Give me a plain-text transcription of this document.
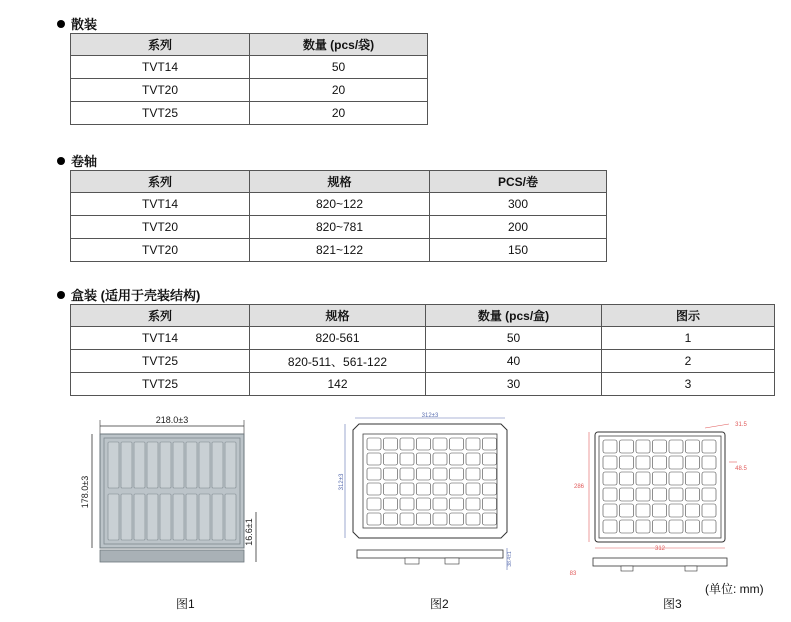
散装
系列	数量 (pcs/袋)
TVT14	50
TVT20	20
TVT25	20
卷轴
系列	规格	PCS/卷
TVT14	820~122	300
TVT20	820~781	200
TVT20	821~122	150
盒装 (适用于壳装结构)
系列	规格	数量 (pcs/盒)	图示
TVT14	820-561	50	1
TVT25	820-511、561-122	40	2
TVT25	142	30	3
218.0±3
178.0±3
16.6±1
图1
312±3
312±3
38.4±1
图2
31.5
48.5
286
312
83
图3
(单位: mm)
